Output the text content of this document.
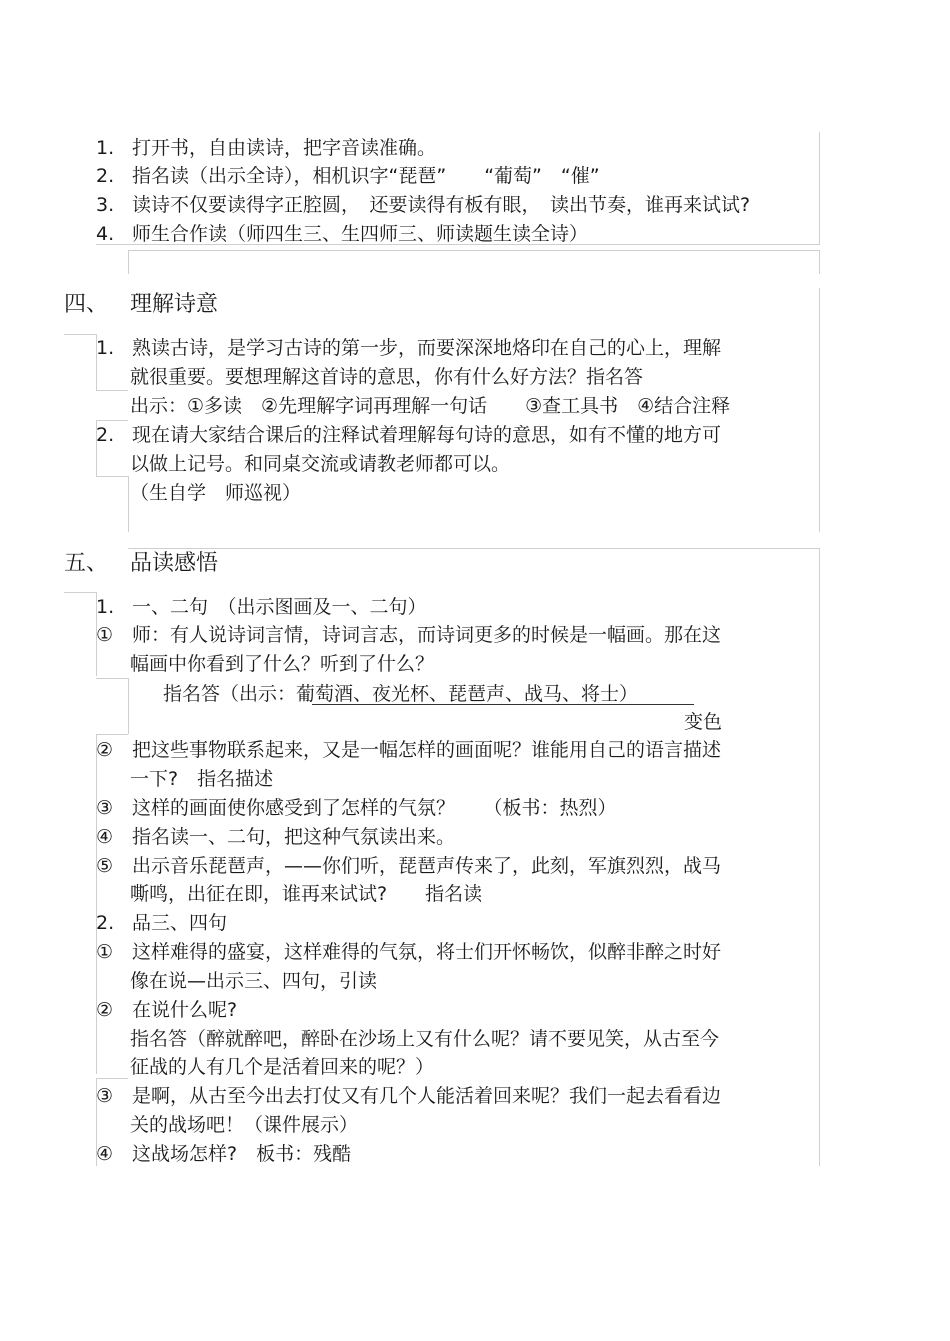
1. 打开书，自由读诗，把字音读准确。
2. 指名读（出示全诗），相机识字“琵琶”　　“葡萄”　“催”
3. 读诗不仅要读得字正腔圆，　还要读得有板有眼，　读出节奏，谁再来试试?
4. 师生合作读（师四生三、生四师三、师读题生读全诗）
四、 理解诗意
1. 熟读古诗，是学习古诗的第一步，而要深深地烙印在自己的心上，理解
就很重要。要想理解这首诗的意思，你有什么好方法？指名答
出示：①多读　②先理解字词再理解一句话　　③查工具书　④结合注释
2. 现在请大家结合课后的注释试着理解每句诗的意思，如有不懂的地方可
以做上记号。和同桌交流或请教老师都可以。
（生自学　师巡视）
五、 品读感悟
1. 一、二句　（出示图画及一、二句）
① 师：有人说诗词言情，诗词言志，而诗词更多的时候是一幅画。那在这
幅画中你看到了什么？听到了什么？
指名答（出示：葡萄酒、夜光杯、琵琶声、战马、将士）
变色
② 把这些事物联系起来，又是一幅怎样的画面呢？谁能用自己的语言描述
一下?　指名描述
③ 这样的画面使你感受到了怎样的气氛？　　（板书：热烈）
④ 指名读一、二句，把这种气氛读出来。
⑤ 出示音乐琵琶声，——你们听，琵琶声传来了，此刻，军旗烈烈，战马
嘶鸣，出征在即，谁再来试试?　　指名读
2. 品三、四句
① 这样难得的盛宴，这样难得的气氛，将士们开怀畅饮，似醉非醉之时好
像在说—出示三、四句，引读
② 在说什么呢?
指名答（醉就醉吧，醉卧在沙场上又有什么呢？请不要见笑，从古至今
征战的人有几个是活着回来的呢？）
③ 是啊，从古至今出去打仗又有几个人能活着回来呢？我们一起去看看边
关的战场吧！（课件展示）
④ 这战场怎样?　板书：残酷
